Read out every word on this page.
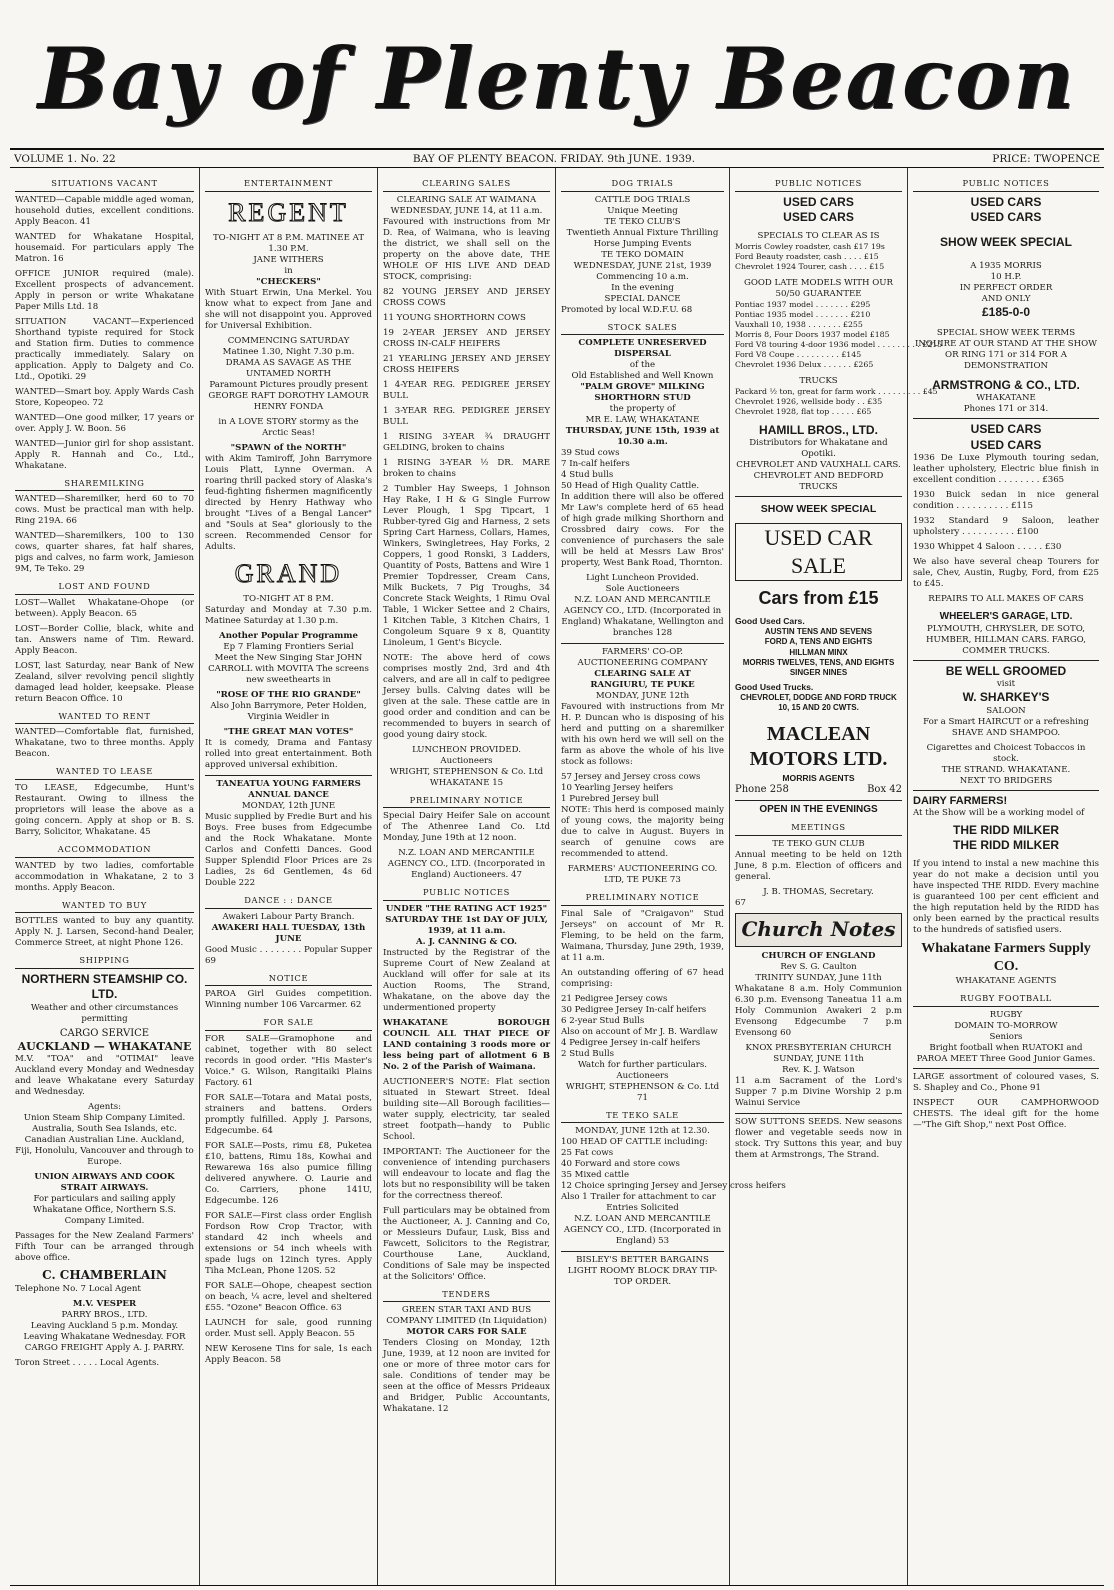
Bay of Plenty Beacon
VOLUME 1. No. 22	BAY OF PLENTY BEACON. FRIDAY. 9th JUNE. 1939.	PRICE: TWOPENCE
SITUATIONS VACANT

WANTED—Capable middle aged woman, household duties, excellent conditions. Apply Beacon. 41

WANTED for Whakatane Hospital, housemaid. For particulars apply The Matron. 16

OFFICE JUNIOR required (male). Excellent prospects of advancement. Apply in person or write Whakatane Paper Mills Ltd. 18

SITUATION VACANT—Experienced Shorthand typiste required for Stock and Station firm. Duties to commence practically immediately. Salary on application. Apply to Dalgety and Co. Ltd., Opotiki. 29

WANTED—Smart boy. Apply Wards Cash Store, Kopeopeo. 72

WANTED—One good milker, 17 years or over. Apply J. W. Boon. 56

WANTED—Junior girl for shop assistant. Apply R. Hannah and Co., Ltd., Whakatane.

SHAREMILKING

WANTED—Sharemilker, herd 60 to 70 cows. Must be practical man with help. Ring 219A. 66

WANTED—Sharemilkers, 100 to 130 cows, quarter shares, fat half shares, pigs and calves, no farm work, Jamieson 9M, Te Teko. 29

LOST AND FOUND

LOST—Wallet Whakatane-Ohope (or between). Apply Beacon. 65

LOST—Border Collie, black, white and tan. Answers name of Tim. Reward. Apply Beacon.

LOST, last Saturday, near Bank of New Zealand, silver revolving pencil slightly damaged lead holder, keepsake. Please return Beacon Office. 10

WANTED TO RENT

WANTED—Comfortable flat, furnished, Whakatane, two to three months. Apply Beacon.

WANTED TO LEASE

TO LEASE, Edgecumbe, Hunt's Restaurant. Owing to illness the proprietors will lease the above as a going concern. Apply at shop or B. S. Barry, Solicitor, Whakatane. 45

ACCOMMODATION

WANTED by two ladies, comfortable accommodation in Whakatane, 2 to 3 months. Apply Beacon.

WANTED TO BUY

BOTTLES wanted to buy any quantity. Apply N. J. Larsen, Second-hand Dealer, Commerce Street, at night Phone 126.

SHIPPING
NORTHERN STEAMSHIP CO. LTD.
Weather and other circumstances permitting
CARGO SERVICE
AUCKLAND — WHAKATANE

M.V. "TOA" and "OTIMAI" leave Auckland every Monday and Wednesday and leave Whakatane every Saturday and Wednesday.

Agents:

Union Steam Ship Company Limited. Australia, South Sea Islands, etc. Canadian Australian Line. Auckland, Fiji, Honolulu, Vancouver and through to Europe.

UNION AIRWAYS AND COOK STRAIT AIRWAYS.

For particulars and sailing apply Whakatane Office, Northern S.S. Company Limited.

Passages for the New Zealand Farmers' Fifth Tour can be arranged through above office.

C. CHAMBERLAIN
Telephone No. 7 Local Agent
M.V. VESPER
PARRY BROS., LTD.

Leaving Auckland 5 p.m. Monday. Leaving Whakatane Wednesday. FOR CARGO FREIGHT Apply A. J. PARRY.

Toron Street . . . . . Local Agents.
ENTERTAINMENT
REGENT
TO-NIGHT AT 8 P.M. MATINEE AT 1.30 P.M.
JANE WITHERS
in
"CHECKERS"

With Stuart Erwin, Una Merkel. You know what to expect from Jane and she will not disappoint you. Approved for Universal Exhibition.

COMMENCING SATURDAY
Matinee 1.30, Night 7.30 p.m.
DRAMA AS SAVAGE AS THE UNTAMED NORTH

Paramount Pictures proudly present GEORGE RAFT DOROTHY LAMOUR HENRY FONDA

in A LOVE STORY stormy as the Arctic Seas!

"SPAWN of the NORTH"

with Akim Tamiroff, John Barrymore Louis Platt, Lynne Overman. A roaring thrill packed story of Alaska's feud-fighting fishermen magnificently directed by Henry Hathway who brought "Lives of a Bengal Lancer" and "Souls at Sea" gloriously to the screen. Recommended Censor for Adults.

GRAND
TO-NIGHT AT 8 P.M.

Saturday and Monday at 7.30 p.m. Matinee Saturday at 1.30 p.m.

Another Popular Programme
Ep 7 Flaming Frontiers Serial

Meet the New Singing Star JOHN CARROLL with MOVITA The screens new sweethearts in

"ROSE OF THE RIO GRANDE"

Also John Barrymore, Peter Holden, Virginia Weidler in

"THE GREAT MAN VOTES"

It is comedy, Drama and Fantasy rolled into great entertainment. Both approved universal exhibition.

TANEATUA YOUNG FARMERS ANNUAL DANCE
MONDAY, 12th JUNE

Music supplied by Fredie Burt and his Boys. Free buses from Edgecumbe and the Rock Whakatane. Monte Carlos and Confetti Dances. Good Supper Splendid Floor Prices are 2s Ladies, 2s 6d Gentlemen, 4s 6d Double 222

DANCE : : DANCE
Awakeri Labour Party Branch.
AWAKERI HALL TUESDAY, 13th JUNE
Good Music . . . . . . . . Popular Supper 69
NOTICE

PAROA Girl Guides competition. Winning number 106 Varcarmer. 62

FOR SALE

FOR SALE—Gramophone and cabinet, together with 80 select records in good order. "His Master's Voice." G. Wilson, Rangitaiki Plains Factory. 61

FOR SALE—Totara and Matai posts, strainers and battens. Orders promptly fulfilled. Apply J. Parsons, Edgecumbe. 64

FOR SALE—Posts, rimu £8, Puketea £10, battens, Rimu 18s, Kowhai and Rewarewa 16s also pumice filling delivered anywhere. O. Laurie and Co. Carriers, phone 141U, Edgecumbe. 126

FOR SALE—First class order English Fordson Row Crop Tractor, with standard 42 inch wheels and extensions or 54 inch wheels with spade lugs on 12inch tyres. Apply Tiha McLean, Phone 120S. 52

FOR SALE—Ohope, cheapest section on beach, ¼ acre, level and sheltered £55. "Ozone" Beacon Office. 63

LAUNCH for sale, good running order. Must sell. Apply Beacon. 55

NEW Kerosene Tins for sale, 1s each Apply Beacon. 58

CLEARING SALES
CLEARING SALE AT WAIMANA
WEDNESDAY, JUNE 14, at 11 a.m.

Favoured with instructions from Mr D. Rea, of Waimana, who is leaving the district, we shall sell on the property on the above date, THE WHOLE OF HIS LIVE AND DEAD STOCK, comprising:

82 YOUNG JERSEY AND JERSEY CROSS COWS
11 YOUNG SHORTHORN COWS
19 2-YEAR JERSEY AND JERSEY CROSS IN-CALF HEIFERS
21 YEARLING JERSEY AND JERSEY CROSS HEIFERS
1 4-YEAR REG. PEDIGREE JERSEY BULL
1 3-YEAR REG. PEDIGREE JERSEY BULL
1 RISING 3-YEAR ¾ DRAUGHT GELDING, broken to chains
1 RISING 3-YEAR ½ DR. MARE broken to chains

2 Tumbler Hay Sweeps, 1 Johnson Hay Rake, I H & G Single Furrow Lever Plough, 1 Spg Tipcart, 1 Rubber-tyred Gig and Harness, 2 sets Spring Cart Harness, Collars, Hames, Winkers, Swingletrees, Hay Forks, 2 Coppers, 1 good Ronski, 3 Ladders, Quantity of Posts, Battens and Wire 1 Premier Topdresser, Cream Cans, Milk Buckets, 7 Pig Troughs, 34 Concrete Stack Weights, 1 Rimu Oval Table, 1 Wicker Settee and 2 Chairs, 1 Kitchen Table, 3 Kitchen Chairs, 1 Congoleum Square 9 x 8, Quantity Linoleum, 1 Gent's Bicycle.

NOTE: The above herd of cows comprises mostly 2nd, 3rd and 4th calvers, and are all in calf to pedigree Jersey bulls. Calving dates will be given at the sale. These cattle are in good order and condition and can be recommended to buyers in search of good young dairy stock.

LUNCHEON PROVIDED.
Auctioneers
WRIGHT, STEPHENSON & Co. Ltd WHAKATANE 15
PRELIMINARY NOTICE

Special Dairy Heifer Sale on account of The Athenree Land Co. Ltd Monday, June 19th at 12 noon.

N.Z. LOAN AND MERCANTILE AGENCY CO., LTD. (Incorporated in England) Auctioneers. 47

PUBLIC NOTICES
UNDER "THE RATING ACT 1925" SATURDAY THE 1st DAY OF JULY, 1939, at 11 a.m.
A. J. CANNING & CO.

Instructed by the Registrar of the Supreme Court of New Zealand at Auckland will offer for sale at its Auction Rooms, The Strand, Whakatane, on the above day the undermentioned property

WHAKATANE BOROUGH COUNCIL ALL THAT PIECE OF LAND containing 3 roods more or less being part of allotment 6 B No. 2 of the Parish of Waimana.

AUCTIONEER'S NOTE: Flat section situated in Stewart Street. Ideal building site—All Borough facilities—water supply, electricity, tar sealed street footpath—handy to Public School.

IMPORTANT: The Auctioneer for the convenience of intending purchasers will endeavour to locate and flag the lots but no responsibility will be taken for the correctness thereof.

Full particulars may be obtained from the Auctioneer, A. J. Canning and Co, or Messieurs Dufaur, Lusk, Biss and Fawcett, Solicitors to the Registrar, Courthouse Lane, Auckland, Conditions of Sale may be inspected at the Solicitors' Office.

TENDERS
GREEN STAR TAXI AND BUS COMPANY LIMITED (In Liquidation)
MOTOR CARS FOR SALE

Tenders Closing on Monday, 12th June, 1939, at 12 noon are invited for one or more of three motor cars for sale. Conditions of tender may be seen at the office of Messrs Prideaux and Bridger, Public Accountants, Whakatane. 12

DOG TRIALS
CATTLE DOG TRIALS
Unique Meeting
TE TEKO CLUB'S
Twentieth Annual Fixture Thrilling Horse Jumping Events
TE TEKO DOMAIN
WEDNESDAY, JUNE 21st, 1939
Commencing 10 a.m.
In the evening
SPECIAL DANCE
Promoted by local W.D.F.U. 68
STOCK SALES
COMPLETE UNRESERVED DISPERSAL
of the
Old Established and Well Known
"PALM GROVE" MILKING SHORTHORN STUD
the property of
MR E. LAW, WHAKATANE
THURSDAY, JUNE 15th, 1939 at 10.30 a.m.
39 Stud cows
7 In-calf heifers
4 Stud bulls
50 Head of High Quality Cattle.

In addition there will also be offered Mr Law's complete herd of 65 head of high grade milking Shorthorn and Crossbred dairy cows. For the convenience of purchasers the sale will be held at Messrs Law Bros' property, West Bank Road, Thornton.

Light Luncheon Provided.
Sole Auctioneers

N.Z. LOAN AND MERCANTILE AGENCY CO., LTD. (Incorporated in England) Whakatane, Wellington and branches 128

FARMERS' CO-OP. AUCTIONEERING COMPANY
CLEARING SALE AT
RANGIURU, TE PUKE
MONDAY, JUNE 12th

Favoured with instructions from Mr H. P. Duncan who is disposing of his herd and putting on a sharemilker with his own herd we will sell on the farm as above the whole of his live stock as follows:

57 Jersey and Jersey cross cows
10 Yearling Jersey heifers
1 Purebred Jersey bull

NOTE: This herd is composed mainly of young cows, the majority being due to calve in August. Buyers in search of genuine cows are recommended to attend.

FARMERS' AUCTIONEERING CO. LTD, TE PUKE 73
PRELIMINARY NOTICE

Final Sale of "Craigavon" Stud Jerseys" on account of Mr R. Fleming, to be held on the farm, Waimana, Thursday, June 29th, 1939, at 11 a.m.

An outstanding offering of 67 head comprising:

21 Pedigree Jersey cows
30 Pedigree Jersey In-calf heifers
6 2-year Stud Bulls
Also on account of Mr J. B. Wardlaw
4 Pedigree Jersey in-calf heifers
2 Stud Bulls
Watch for further particulars.
Auctioneers
WRIGHT, STEPHENSON & Co. Ltd 71
TE TEKO SALE
MONDAY, JUNE 12th at 12.30.
100 HEAD OF CATTLE including:
25 Fat cows
40 Forward and store cows
35 Mixed cattle
12 Choice springing Jersey and Jersey cross heifers
Also 1 Trailer for attachment to car
Entries Solicited

N.Z. LOAN AND MERCANTILE AGENCY CO., LTD. (Incorporated in England) 53

BISLEY'S BETTER BARGAINS
LIGHT ROOMY BLOCK DRAY TIP-TOP ORDER.
PUBLIC NOTICES
USED CARS
USED CARS
SPECIALS TO CLEAR AS IS
Morris Cowley roadster, cash £17 19s
Ford Beauty roadster, cash . . . . £15
Chevrolet 1924 Tourer, cash . . . . £15
GOOD LATE MODELS WITH OUR 50/50 GUARANTEE
Pontiac 1937 model . . . . . . . £295
Pontiac 1935 model . . . . . . . £210
Vauxhall 10, 1938 . . . . . . . £255
Morris 8, Four Doors 1937 model £185
Ford V8 touring 4-door 1936 model . . . . . . . . . £215
Ford V8 Coupe . . . . . . . . . £145
Chevrolet 1936 Delux . . . . . . £265
TRUCKS
Packard ½ ton, great for farm work . . . . . . . . . £45
Chevrolet 1926, wellside body . . £35
Chevrolet 1928, flat top . . . . . £65
HAMILL BROS., LTD.
Distributors for Whakatane and Opotiki.
CHEVROLET AND VAUXHALL CARS.
CHEVROLET AND BEDFORD TRUCKS
SHOW WEEK SPECIAL
USED CAR SALE
Cars from £15
Good Used Cars.
AUSTIN TENS AND SEVENS
FORD A, TENS AND EIGHTS
HILLMAN MINX
MORRIS TWELVES, TENS, AND EIGHTS
SINGER NINES
Good Used Trucks.
CHEVROLET, DODGE AND FORD TRUCK 10, 15 AND 20 CWTS.
MACLEAN MOTORS LTD.
MORRIS AGENTS
Phone 258	Box 42
OPEN IN THE EVENINGS
MEETINGS
TE TEKO GUN CLUB

Annual meeting to be held on 12th June, 8 p.m. Election of officers and general.

J. B. THOMAS, Secretary.
67
Church Notes
CHURCH OF ENGLAND
Rev S. G. Caulton
TRINITY SUNDAY, June 11th

Whakatane 8 a.m. Holy Communion 6.30 p.m. Evensong Taneatua 11 a.m Holy Communion Awakeri 2 p.m Evensong Edgecumbe 7 p.m Evensong 60

KNOX PRESBYTERIAN CHURCH
SUNDAY, JUNE 11th
Rev. K. J. Watson

11 a.m Sacrament of the Lord's Supper 7 p.m Divine Worship 2 p.m Wainui Service

SOW SUTTONS SEEDS. New seasons flower and vegetable seeds now in stock. Try Suttons this year, and buy them at Armstrongs, The Strand.

PUBLIC NOTICES
USED CARS
USED CARS
SHOW WEEK SPECIAL
A 1935 MORRIS
10 H.P.
IN PERFECT ORDER
AND ONLY
£185-0-0
SPECIAL SHOW WEEK TERMS
INQUIRE AT OUR STAND AT THE SHOW OR RING 171 or 314 FOR A DEMONSTRATION
ARMSTRONG & CO., LTD.
WHAKATANE
Phones 171 or 314.
USED CARS
USED CARS

1936 De Luxe Plymouth touring sedan, leather upholstery, Electric blue finish in excellent condition . . . . . . . . £365

1930 Buick sedan in nice general condition . . . . . . . . . . £115

1932 Standard 9 Saloon, leather upholstery . . . . . . . . . . £100

1930 Whippet 4 Saloon . . . . . £30

We also have several cheap Tourers for sale, Chev, Austin, Rugby, Ford, from £25 to £45.

REPAIRS TO ALL MAKES OF CARS
WHEELER'S GARAGE, LTD.
PLYMOUTH, CHRYSLER, DE SOTO, HUMBER, HILLMAN CARS. FARGO, COMMER TRUCKS.
BE WELL GROOMED
visit
W. SHARKEY'S
SALOON

For a Smart HAIRCUT or a refreshing SHAVE AND SHAMPOO.

Cigarettes and Choicest Tobaccos in stock.
THE STRAND. WHAKATANE.
NEXT TO BRIDGERS
DAIRY FARMERS!

At the Show will be a working model of

THE RIDD MILKER
THE RIDD MILKER

If you intend to instal a new machine this year do not make a decision until you have inspected THE RIDD. Every machine is guaranteed 100 per cent efficient and the high reputation held by the RIDD has only been earned by the practical results to the hundreds of satisfied users.

Whakatane Farmers Supply CO.
WHAKATANE AGENTS
RUGBY FOOTBALL
RUGBY
DOMAIN TO-MORROW
Seniors
Bright football when RUATOKI and PAROA MEET Three Good Junior Games.

LARGE assortment of coloured vases, S. S. Shapley and Co., Phone 91

INSPECT OUR CAMPHORWOOD CHESTS. The ideal gift for the home—"The Gift Shop," next Post Office.
